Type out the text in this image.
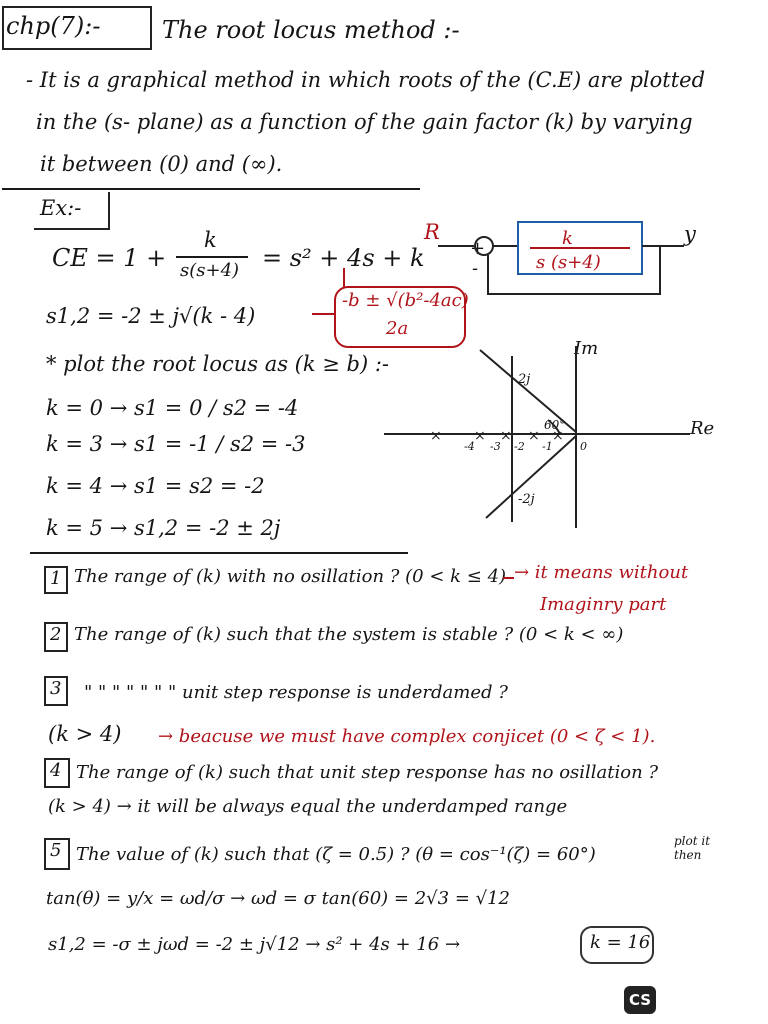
chp(7):-	The root locus method :-
- It is a graphical method in which roots of the (C.E) are plotted
in the (s- plane) as a function of the gain factor (k) by varying
it between (0) and (∞).
Ex:-
CE = 1 +
k
s(s+4) = s² + 4s + k
s1,2 = -2 ± j√(k - 4)
-b ± √(b²-4ac)
2a
R	y
+
-
k
s (s+4)
* plot the root locus as (k ≥ b) :-
k = 0 → s1 = 0 / s2 = -4
k = 3 → s1 = -1 / s2 = -3
k = 4 → s1 = s2 = -2
k = 5 → s1,2 = -2 ± 2j
Im
Re
2j
-2j
60°
-4 -3 -2 -1 0
1 The range of (k) with no osillation ? (0 < k ≤ 4) → it means without
Imaginry part
2 The range of (k) such that the system is stable ? (0 < k < ∞)
3 " " " " " " " unit step response is underdamed ?
(k > 4) → beacuse we must have complex conjicet (0 < ζ < 1).
4 The range of (k) such that unit step response has no osillation ?
(k > 4) → it will be always equal the underdamped range
5 The value of (k) such that (ζ = 0.5) ? (θ = cos⁻¹(ζ) = 60°)
plot it then
tan(θ) = y/x = ωd/σ → ωd = σ tan(60) = 2√3 = √12
s1,2 = -σ ± jωd = -2 ± j√12 → s² + 4s + 16 →	k = 16
CS
× × × × ×
